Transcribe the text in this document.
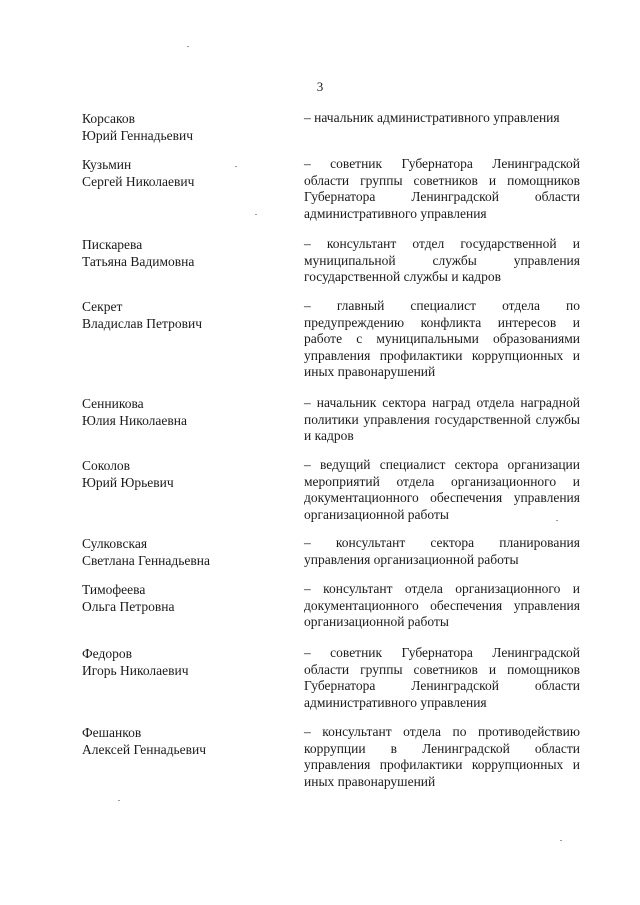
3
Корсаков
Юрий Геннадьевич
– начальник административного управления
Кузьмин
Сергей Николаевич
– советник Губернатора Ленинградской области группы советников и помощников Губернатора Ленинградской области административного управления
Пискарева
Татьяна Вадимовна
– консультант отдел государственной и муниципальной службы управления государственной службы и кадров
Секрет
Владислав Петрович
– главный специалист отдела по предупреждению конфликта интересов и работе с муниципальными образованиями управления профилактики коррупционных и иных правонарушений
Сенникова
Юлия Николаевна
– начальник сектора наград отдела наградной политики управления государственной службы и кадров
Соколов
Юрий Юрьевич
– ведущий специалист сектора организации мероприятий отдела организационного и документационного обеспечения управления организационной работы
Сулковская
Светлана Геннадьевна
– консультант сектора планирования управления организационной работы
Тимофеева
Ольга Петровна
– консультант отдела организационного и документационного обеспечения управления организационной работы
Федоров
Игорь Николаевич
– советник Губернатора Ленинградской области группы советников и помощников Губернатора Ленинградской области административного управления
Фешанков
Алексей Геннадьевич
– консультант отдела по противодействию коррупции в Ленинградской области управления профилактики коррупционных и иных правонарушений
